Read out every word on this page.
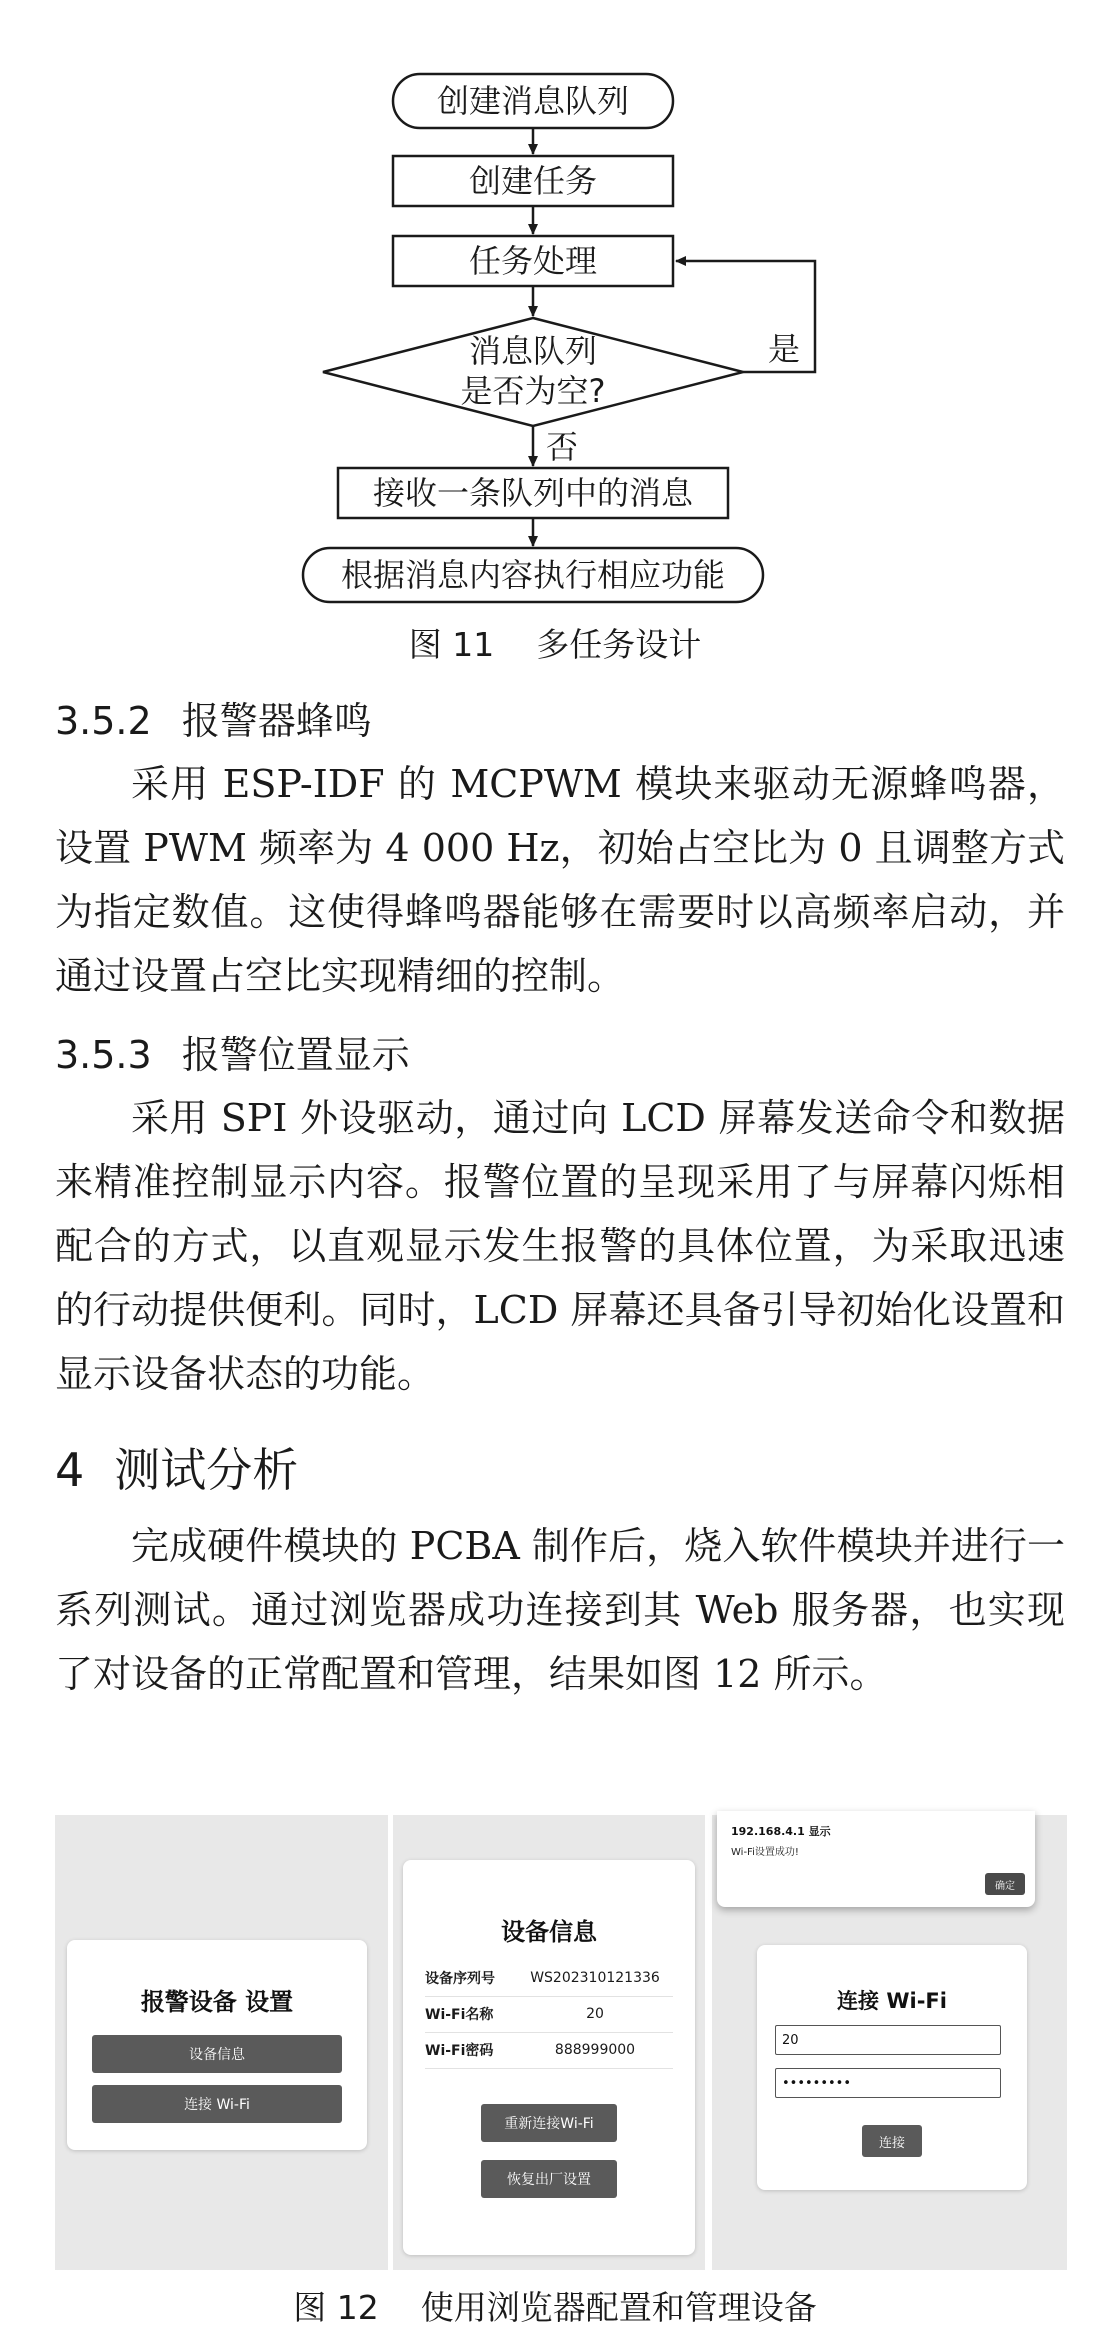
创建消息队列
创建任务
任务处理
消息队列
是否为空?
是
否
接收一条队列中的消息
根据消息内容执行相应功能
图 11    多任务设计
3.5.2 报警器蜂鸣
采用 ESP-IDF 的 MCPWM 模块来驱动无源蜂鸣器，设置 PWM 频率为 4 000 Hz，初始占空比为 0 且调整方式为指定数值。这使得蜂鸣器能够在需要时以高频率启动，并通过设置占空比实现精细的控制。
3.5.3 报警位置显示
采用 SPI 外设驱动，通过向 LCD 屏幕发送命令和数据来精准控制显示内容。报警位置的呈现采用了与屏幕闪烁相配合的方式，以直观显示发生报警的具体位置，为采取迅速的行动提供便利。同时，LCD 屏幕还具备引导初始化设置和显示设备状态的功能。
4 测试分析
完成硬件模块的 PCBA 制作后，烧入软件模块并进行一系列测试。通过浏览器成功连接到其 Web 服务器，也实现了对设备的正常配置和管理，结果如图 12 所示。
报警设备 设置
设备信息
连接 Wi-Fi
设备信息
设备序列号	WS202310121336
Wi-Fi名称	20
Wi-Fi密码	888999000
重新连接Wi-Fi
恢复出厂设置
192.168.4.1 显示
Wi-Fi设置成功!
确定
连接 Wi-Fi
20
•••••••••
连接
图 12    使用浏览器配置和管理设备
